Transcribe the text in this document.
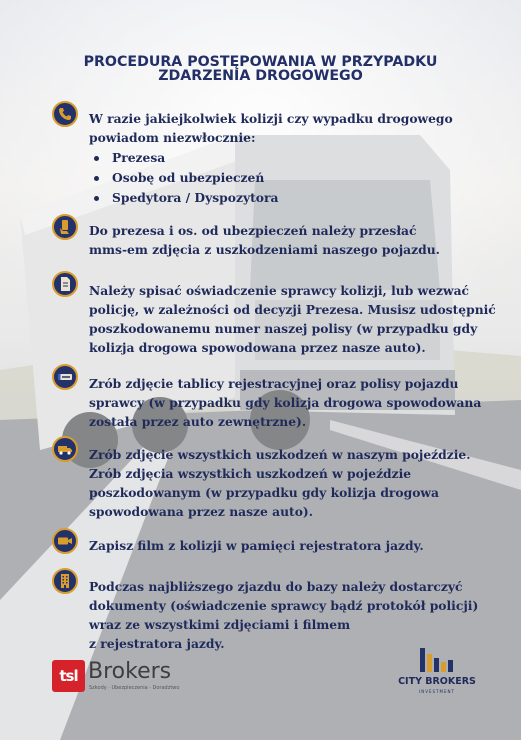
PROCEDURA POSTĘPOWANIA W PRZYPADKU
ZDARZENIA DROGOWEGO
W razie jakiejkolwiek kolizji czy wypadku drogowego
powiadom niezwłocznie:
Prezesa
Osobę od ubezpieczeń
Spedytora / Dyspozytora
Do prezesa i os. od ubezpieczeń należy przesłać
mms-em zdjęcia z uszkodzeniami naszego pojazdu.
Należy spisać oświadczenie sprawcy kolizji, lub wezwać
policję, w zależności od decyzji Prezesa. Musisz udostępnić
poszkodowanemu numer naszej polisy (w przypadku gdy
kolizja drogowa spowodowana przez nasze auto).
Zrób zdjęcie tablicy rejestracyjnej oraz polisy pojazdu
sprawcy (w przypadku gdy kolizja drogowa spowodowana
została przez auto zewnętrzne).
Zrób zdjęcie wszystkich uszkodzeń w naszym pojeździe.
Zrób zdjęcia wszystkich uszkodzeń w pojeździe
poszkodowanym (w przypadku gdy kolizja drogowa
spowodowana przez nasze auto).
Zapisz film z kolizji w pamięci rejestratora jazdy.
Podczas najbliższego zjazdu do bazy należy dostarczyć
dokumenty (oświadczenie sprawcy bądź protokół policji)
wraz ze wszystkimi zdjęciami i filmem
z rejestratora jazdy.
tsl Brokers
Szkody · Ubezpieczenia · Doradztwo
CITY BROKERS
INVESTMENT
